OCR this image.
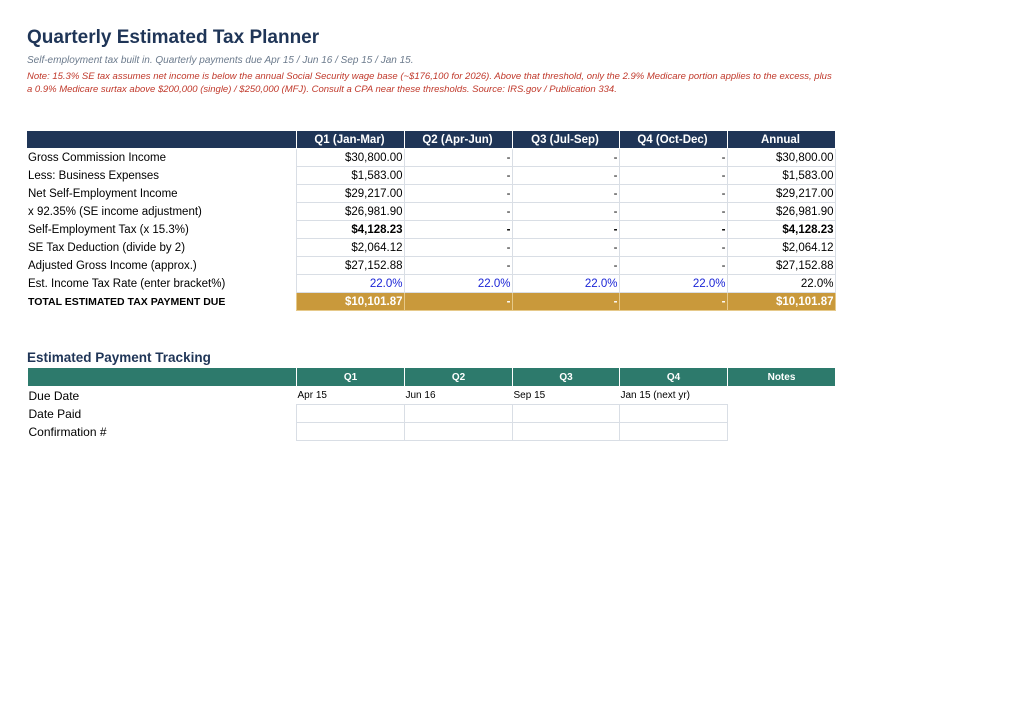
Quarterly Estimated Tax Planner
Self-employment tax built in. Quarterly payments due Apr 15 / Jun 16 / Sep 15 / Jan 15.
Note: 15.3% SE tax assumes net income is below the annual Social Security wage base (~$176,100 for 2026). Above that threshold, only the 2.9% Medicare portion applies to the excess, plus a 0.9% Medicare surtax above $200,000 (single) / $250,000 (MFJ). Consult a CPA near these thresholds. Source: IRS.gov / Publication 334.
	Q1 (Jan-Mar)	Q2 (Apr-Jun)	Q3 (Jul-Sep)	Q4 (Oct-Dec)	Annual
Gross Commission Income	$30,800.00	-	-	-	$30,800.00
Less: Business Expenses	$1,583.00	-	-	-	$1,583.00
Net Self-Employment Income	$29,217.00	-	-	-	$29,217.00
x 92.35% (SE income adjustment)	$26,981.90	-	-	-	$26,981.90
Self-Employment Tax (x 15.3%)	$4,128.23	-	-	-	$4,128.23
SE Tax Deduction (divide by 2)	$2,064.12	-	-	-	$2,064.12
Adjusted Gross Income (approx.)	$27,152.88	-	-	-	$27,152.88
Est. Income Tax Rate (enter bracket%)	22.0%	22.0%	22.0%	22.0%	22.0%
TOTAL ESTIMATED TAX PAYMENT DUE	$10,101.87	-	-	-	$10,101.87
Estimated Payment Tracking
	Q1	Q2	Q3	Q4	Notes
Due Date	Apr 15	Jun 16	Sep 15	Jan 15 (next yr)	
Date Paid					
Confirmation #					
